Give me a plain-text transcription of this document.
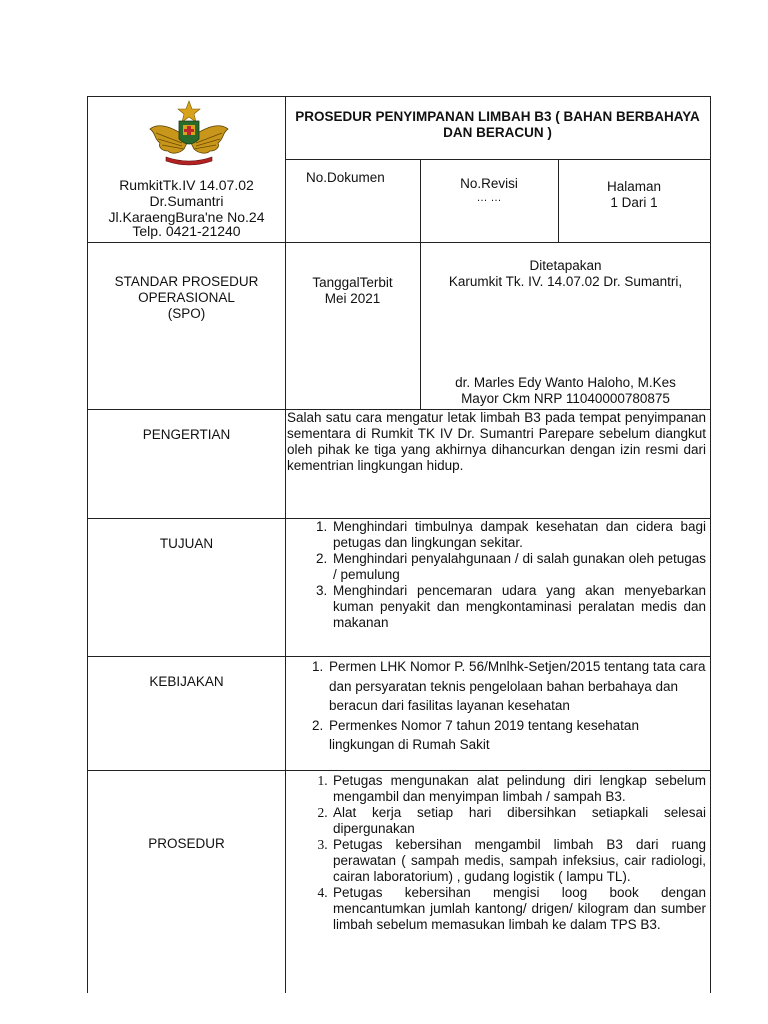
PROSEDUR PENYIMPANAN LIMBAH B3 ( BAHAN BERBAHAYA DAN BERACUN )
RumkitTk.IV 14.07.02
Dr.Sumantri
Jl.KaraengBura'ne No.24
Telp. 0421-21240
No.Dokumen	No.Revisi
… …
Halaman
1 Dari 1
STANDAR PROSEDUR
OPERASIONAL
(SPO)
TanggalTerbit
Mei 2021
Ditetapakan
Karumkit Tk. IV. 14.07.02 Dr. Sumantri,
dr. Marles Edy Wanto Haloho, M.Kes
Mayor Ckm NRP 11040000780875
PENGERTIAN
Salah satu cara mengatur letak limbah B3 pada tempat penyimpanan sementara di Rumkit TK IV Dr. Sumantri Parepare sebelum diangkut oleh pihak ke tiga yang akhirnya dihancurkan dengan izin resmi dari kementrian lingkungan hidup.
TUJUAN
1. Menghindari timbulnya dampak kesehatan dan cidera bagi petugas dan lingkungan sekitar.
2. Menghindari penyalahgunaan / di salah gunakan oleh petugas / pemulung
3. Menghindari pencemaran udara yang akan menyebarkan kuman penyakit dan mengkontaminasi peralatan medis dan makanan
KEBIJAKAN
1. Permen LHK Nomor P. 56/Mnlhk-Setjen/2015 tentang tata cara dan persyaratan teknis pengelolaan bahan berbahaya dan beracun dari fasilitas layanan kesehatan
2. Permenkes Nomor 7 tahun 2019 tentang kesehatan lingkungan di Rumah Sakit
PROSEDUR
1. Petugas mengunakan alat pelindung diri lengkap sebelum mengambil dan menyimpan limbah / sampah B3.
2. Alat kerja setiap hari dibersihkan setiapkali selesai dipergunakan
3. Petugas kebersihan mengambil limbah B3 dari ruang perawatan ( sampah medis, sampah infeksius, cair radiologi, cairan laboratorium) , gudang logistik ( lampu TL).
4. Petugas kebersihan mengisi loog book dengan mencantumkan jumlah kantong/ drigen/ kilogram dan sumber limbah sebelum memasukan limbah ke dalam TPS B3.
